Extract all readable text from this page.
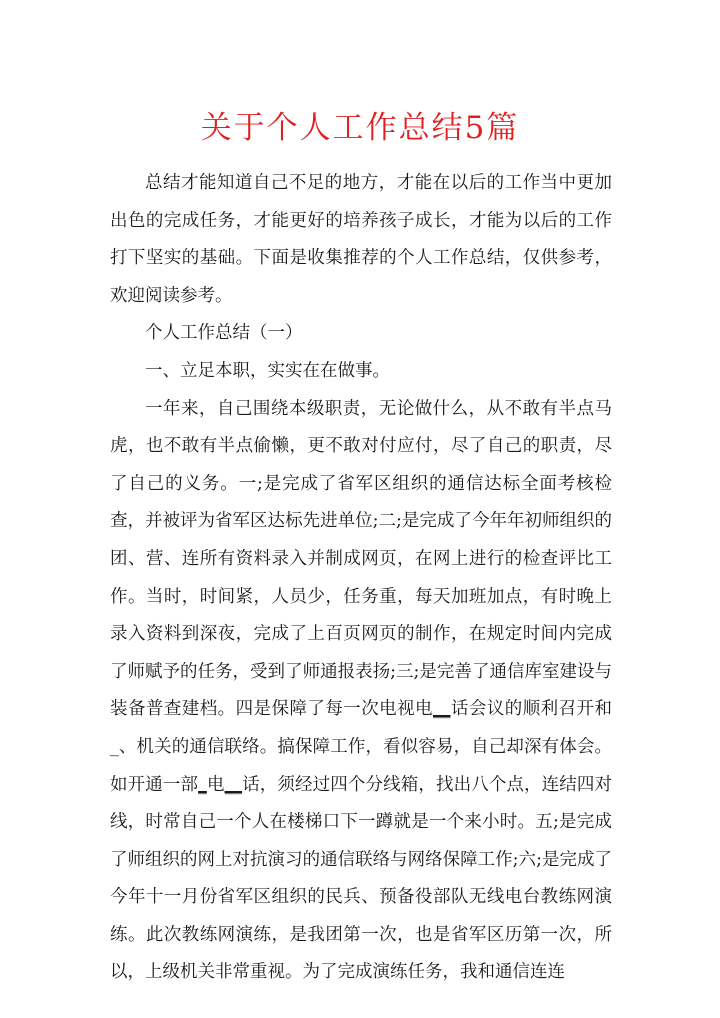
关于个人工作总结5篇

总结才能知道自己不足的地方，才能在以后的工作当中更加出色的完成任务，才能更好的培养孩子成长，才能为以后的工作打下坚实的基础。下面是收集推荐的个人工作总结，仅供参考，欢迎阅读参考。

个人工作总结（一）

一、立足本职，实实在在做事。

一年来，自己围绕本级职责，无论做什么，从不敢有半点马虎，也不敢有半点偷懒，更不敢对付应付，尽了自己的职责，尽了自己的义务。一;是完成了省军区组织的通信达标全面考核检查，并被评为省军区达标先进单位;二;是完成了今年年初师组织的团、营、连所有资料录入并制成网页，在网上进行的检查评比工作。当时，时间紧，人员少，任务重，每天加班加点，有时晚上录入资料到深夜，完成了上百页网页的制作，在规定时间内完成了师赋予的任务，受到了师通报表扬;三;是完善了通信库室建设与装备普查建档。四是保障了每一次电视电__话会议的顺利召开和_、机关的通信联络。搞保障工作，看似容易，自己却深有体会。如开通一部_电__话，须经过四个分线箱，找出八个点，连结四对线，时常自己一个人在楼梯口下一蹲就是一个来小时。五;是完成了师组织的网上对抗演习的通信联络与网络保障工作;六;是完成了今年十一月份省军区组织的民兵、预备役部队无线电台教练网演练。此次教练网演练，是我团第一次，也是省军区历第一次，所以，上级机关非常重视。为了完成演练任务，我和通信连连
